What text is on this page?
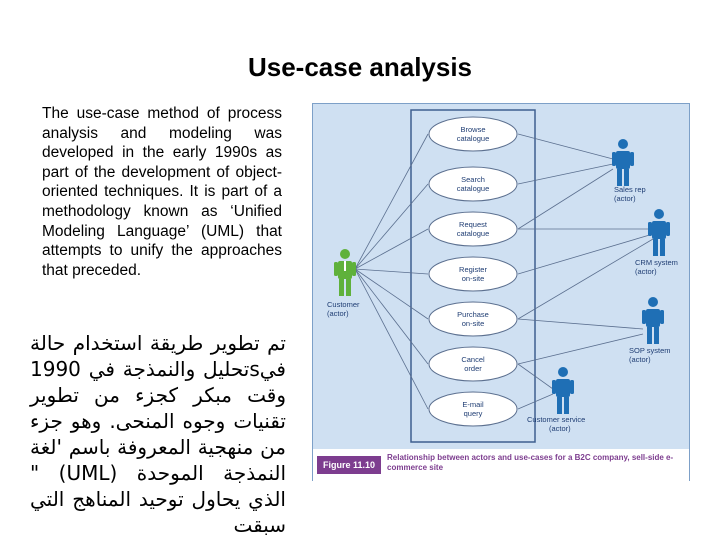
Use-case analysis
The use-case method of process analysis and modeling was developed in the early 1990s as part of the development of object-oriented techniques. It is part of a methodology known as ‘Unified Modeling Language’ (UML) that attempts to unify the approaches that preceded.
تم تطوير طريقة استخدام حالة فيsتحليل والنمذجة في 1990 وقت مبكر كجزء من تطوير تقنيات وجوه المنحى. وهو جزء من منهجية المعروفة باسم 'لغة النمذجة الموحدة (UML) " الذي يحاول توحيد المناهج التي سبقت
Browse
catalogue
Search
catalogue
Request
catalogue
Register
on-site
Purchase
on-site
Cancel
order
E-mail
query
Customer
(actor)
Sales rep
(actor)
CRM system
(actor)
SOP system
(actor)
Customer service
(actor)
Figure 11.10
Relationship between actors and use-cases for a B2C company, sell-side e-commerce site
